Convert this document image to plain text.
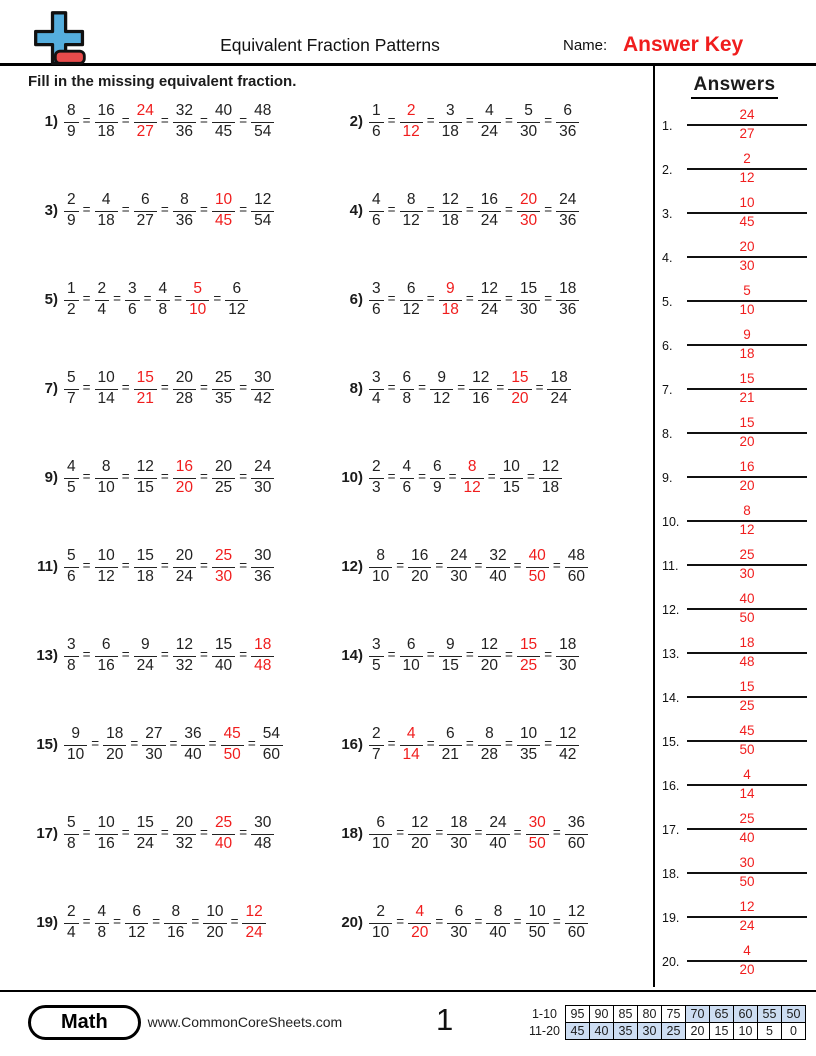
Equivalent Fraction Patterns	Name: Answer Key
Fill in the missing equivalent fraction.
$1) \frac{8}{9} = \frac{16}{18} = \frac{24}{27} = \frac{32}{36} = \frac{40}{45} = \frac{48}{54}$	$2) \frac{1}{6} = \frac{2}{12} = \frac{3}{18} = \frac{4}{24} = \frac{5}{30} = \frac{6}{36}$
$3) \frac{2}{9} = \frac{4}{18} = \frac{6}{27} = \frac{8}{36} = \frac{10}{45} = \frac{12}{54}$	$4) \frac{4}{6} = \frac{8}{12} = \frac{12}{18} = \frac{16}{24} = \frac{20}{30} = \frac{24}{36}$
$5) \frac{1}{2} = \frac{2}{4} = \frac{3}{6} = \frac{4}{8} = \frac{5}{10} = \frac{6}{12}$	$6) \frac{3}{6} = \frac{6}{12} = \frac{9}{18} = \frac{12}{24} = \frac{15}{30} = \frac{18}{36}$
$7) \frac{5}{7} = \frac{10}{14} = \frac{15}{21} = \frac{20}{28} = \frac{25}{35} = \frac{30}{42}$	$8) \frac{3}{4} = \frac{6}{8} = \frac{9}{12} = \frac{12}{16} = \frac{15}{20} = \frac{18}{24}$
$9) \frac{4}{5} = \frac{8}{10} = \frac{12}{15} = \frac{16}{20} = \frac{20}{25} = \frac{24}{30}$	$10) \frac{2}{3} = \frac{4}{6} = \frac{6}{9} = \frac{8}{12} = \frac{10}{15} = \frac{12}{18}$
$11) \frac{5}{6} = \frac{10}{12} = \frac{15}{18} = \frac{20}{24} = \frac{25}{30} = \frac{30}{36}$	$12) \frac{8}{10} = \frac{16}{20} = \frac{24}{30} = \frac{32}{40} = \frac{40}{50} = \frac{48}{60}$
$13) \frac{3}{8} = \frac{6}{16} = \frac{9}{24} = \frac{12}{32} = \frac{15}{40} = \frac{18}{48}$	$14) \frac{3}{5} = \frac{6}{10} = \frac{9}{15} = \frac{12}{20} = \frac{15}{25} = \frac{18}{30}$
$15) \frac{9}{10} = \frac{18}{20} = \frac{27}{30} = \frac{36}{40} = \frac{45}{50} = \frac{54}{60}$	$16) \frac{2}{7} = \frac{4}{14} = \frac{6}{21} = \frac{8}{28} = \frac{10}{35} = \frac{12}{42}$
$17) \frac{5}{8} = \frac{10}{16} = \frac{15}{24} = \frac{20}{32} = \frac{25}{40} = \frac{30}{48}$	$18) \frac{6}{10} = \frac{12}{20} = \frac{18}{30} = \frac{24}{40} = \frac{30}{50} = \frac{36}{60}$
$19) \frac{2}{4} = \frac{4}{8} = \frac{6}{12} = \frac{8}{16} = \frac{10}{20} = \frac{12}{24}$	$20) \frac{2}{10} = \frac{4}{20} = \frac{6}{30} = \frac{8}{40} = \frac{10}{50} = \frac{12}{60}$
Answers
1.	$\frac{24}{27}$
2.	$\frac{2}{12}$
3.	$\frac{10}{45}$
4.	$\frac{20}{30}$
5.	$\frac{5}{10}$
6.	$\frac{9}{18}$
7.	$\frac{15}{21}$
8.	$\frac{15}{20}$
9.	$\frac{16}{20}$
10. $\frac{8}{12}$
11. $\frac{25}{30}$
12. $\frac{40}{50}$
13. $\frac{18}{48}$
14. $\frac{15}{25}$
15. $\frac{45}{50}$
16. $\frac{4}{14}$
17. $\frac{25}{40}$
18. $\frac{30}{50}$
19. $\frac{12}{24}$
20. $\frac{4}{20}$
Math	www.CommonCoreSheets.com	1	1-10	95	90	85	80	75	70	65	60	55	50
11-20	45	40	35	30	25	20	15	10	5	0
